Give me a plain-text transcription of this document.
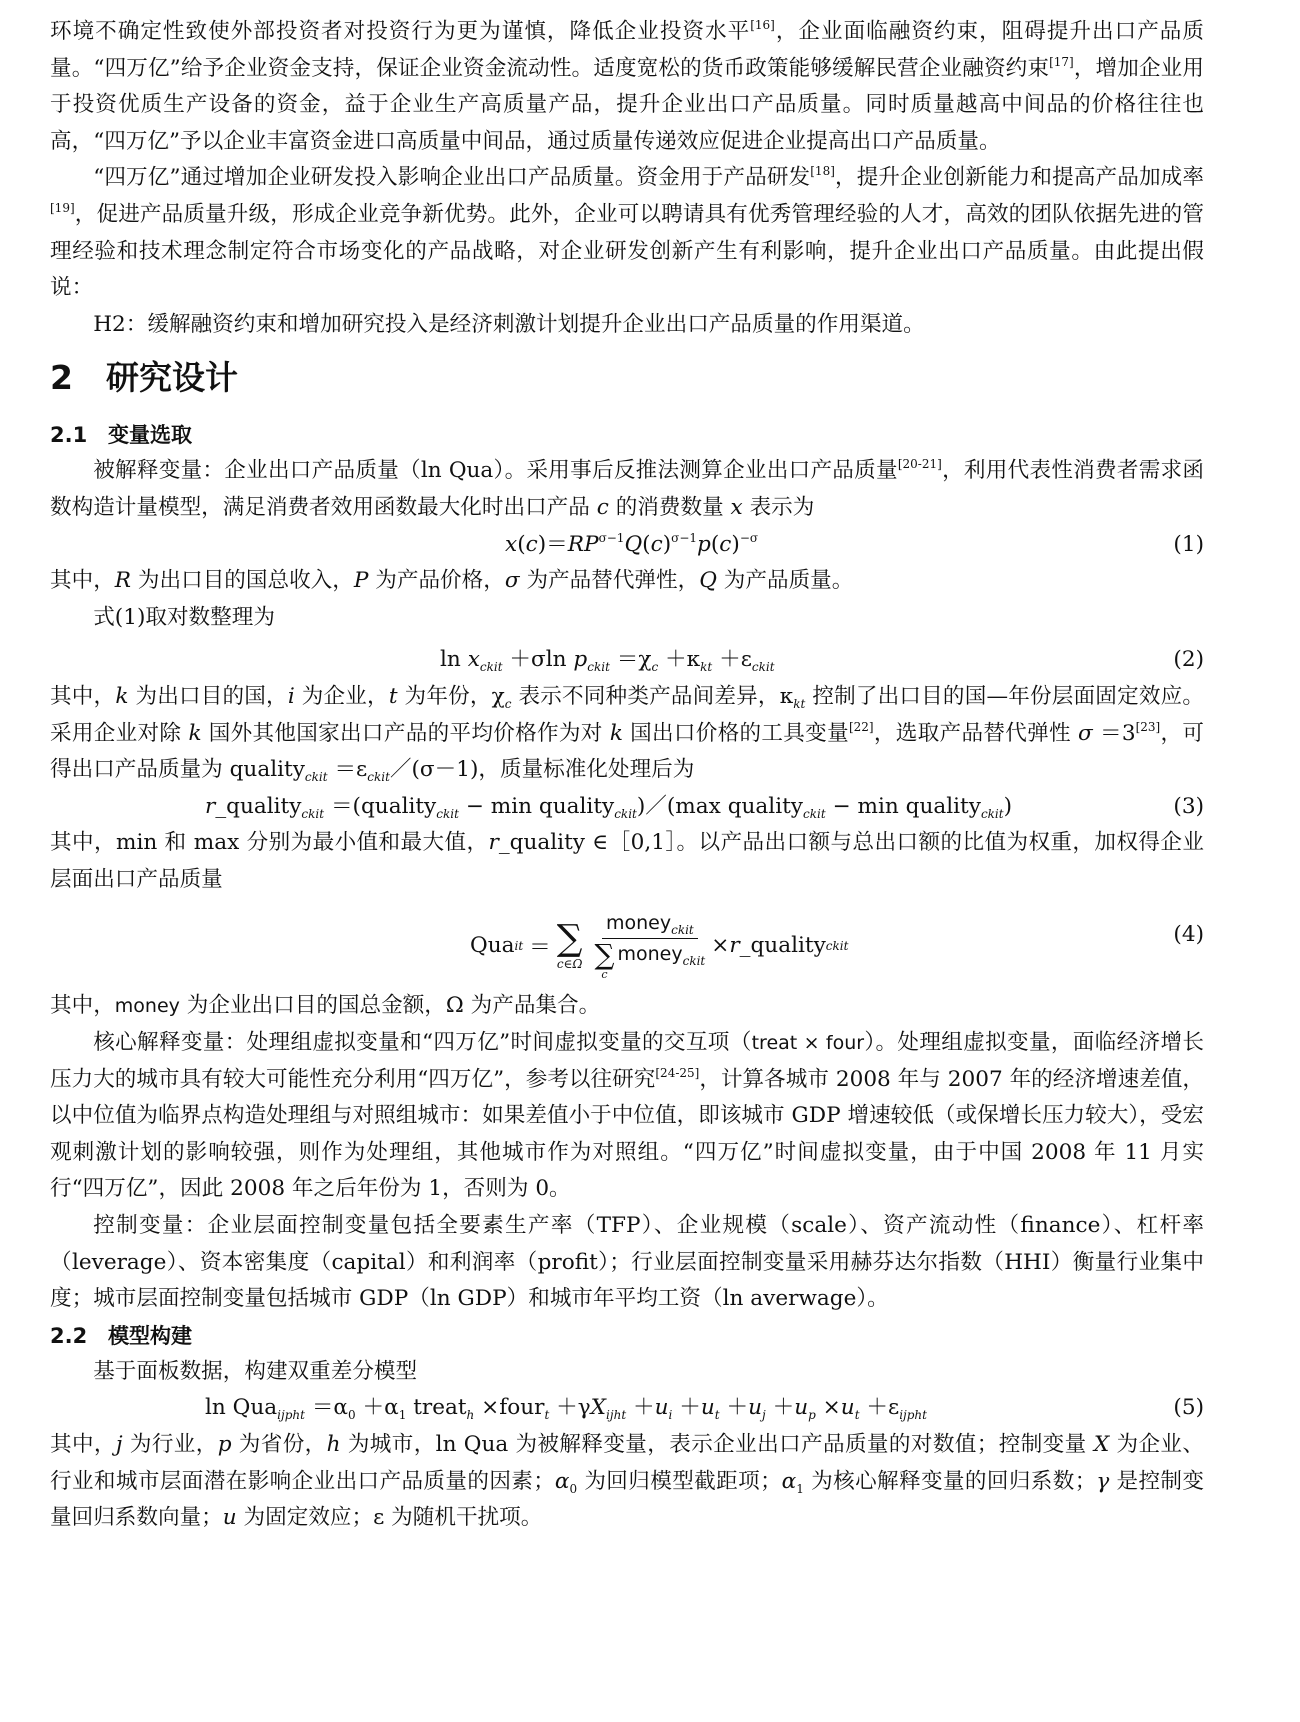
环境不确定性致使外部投资者对投资行为更为谨慎，降低企业投资水平[16]，企业面临融资约束，阻碍提升出口产品质量。“四万亿”给予企业资金支持，保证企业资金流动性。适度宽松的货币政策能够缓解民营企业融资约束[17]，增加企业用于投资优质生产设备的资金，益于企业生产高质量产品，提升企业出口产品质量。同时质量越高中间品的价格往往也高，“四万亿”予以企业丰富资金进口高质量中间品，通过质量传递效应促进企业提高出口产品质量。

“四万亿”通过增加企业研发投入影响企业出口产品质量。资金用于产品研发[18]，提升企业创新能力和提高产品加成率[19]，促进产品质量升级，形成企业竞争新优势。此外，企业可以聘请具有优秀管理经验的人才，高效的团队依据先进的管理经验和技术理念制定符合市场变化的产品战略，对企业研发创新产生有利影响，提升企业出口产品质量。由此提出假说：

H2：缓解融资约束和增加研究投入是经济刺激计划提升企业出口产品质量的作用渠道。

2 研究设计
2.1 变量选取

被解释变量：企业出口产品质量（ln Qua）。采用事后反推法测算企业出口产品质量[20-21]，利用代表性消费者需求函数构造计量模型，满足消费者效用函数最大化时出口产品 c 的消费数量 x 表示为

$x(c)=RP^{\sigma-1}Q(c)^{\sigma-1}p(c)^{-\sigma}$	(1)

其中，R 为出口目的国总收入，P 为产品价格，σ 为产品替代弹性，Q 为产品质量。

式(1)取对数整理为

$\ln x_{ckit} +\sigma\ln$ $p_{ckit} =\chi_c +\kappa_{kt} +\varepsilon_{ckit}$	(2)

其中，k 为出口目的国，i 为企业，t 为年份，$\chi_c$ 表示不同种类产品间差异，$\kappa_{kt}$ 控制了出口目的国—年份层面固定效应。采用企业对除 k 国外其他国家出口产品的平均价格作为对 k 国出口价格的工具变量[22]，选取产品替代弹性 σ ＝3[23]，可得出口产品质量为 quality$_{ckit}$ $=\varepsilon_{ckit}/(\sigma-1)$，质量标准化处理后为

r_quality$_{ckit}$ ＝(quality$_{ckit}$ − min quality$_{ckit}$)／(max quality$_{ckit}$ − min quality$_{ckit}$)	(3)

其中，min 和 max 分别为最小值和最大值，r_quality ∈［0,1］。以产品出口额与总出口额的比值为权重，加权得企业层面出口产品质量

Qua it ＝ ∑
c∈Ω money$_{ckit}$
∑
c
money$_{ckit}$ × r _quality ckit	(4)

其中，money 为企业出口目的国总金额，Ω 为产品集合。

核心解释变量：处理组虚拟变量和“四万亿”时间虚拟变量的交互项（treat × four）。处理组虚拟变量，面临经济增长压力大的城市具有较大可能性充分利用“四万亿”，参考以往研究[24-25]，计算各城市 2008 年与 2007 年的经济增速差值，以中位值为临界点构造处理组与对照组城市：如果差值小于中位值，即该城市 GDP 增速较低（或保增长压力较大），受宏观刺激计划的影响较强，则作为处理组，其他城市作为对照组。“四万亿”时间虚拟变量，由于中国 2008 年 11 月实行“四万亿”，因此 2008 年之后年份为 1，否则为 0。

控制变量：企业层面控制变量包括全要素生产率（TFP）、企业规模（scale）、资产流动性（finance）、杠杆率（leverage）、资本密集度（capital）和利润率（profit）；行业层面控制变量采用赫芬达尔指数（HHI）衡量行业集中度；城市层面控制变量包括城市 GDP（ln GDP）和城市年平均工资（ln averwage）。

2.2 模型构建

基于面板数据，构建双重差分模型

$\ln Qua_{ijpht} =\alpha_0 +\alpha_1$ treat$_h$ ×four$_t$ $+\gamma X_{ijht} +u_i +u_t +u_j +u_p \times u_t +\varepsilon_{ijpht}$	(5)

其中，j 为行业，p 为省份，h 为城市，ln Qua 为被解释变量，表示企业出口产品质量的对数值；控制变量 X 为企业、行业和城市层面潜在影响企业出口产品质量的因素；$\alpha_0$ 为回归模型截距项；$\alpha_1$ 为核心解释变量的回归系数；γ 是控制变量回归系数向量；u 为固定效应；ε 为随机干扰项。
